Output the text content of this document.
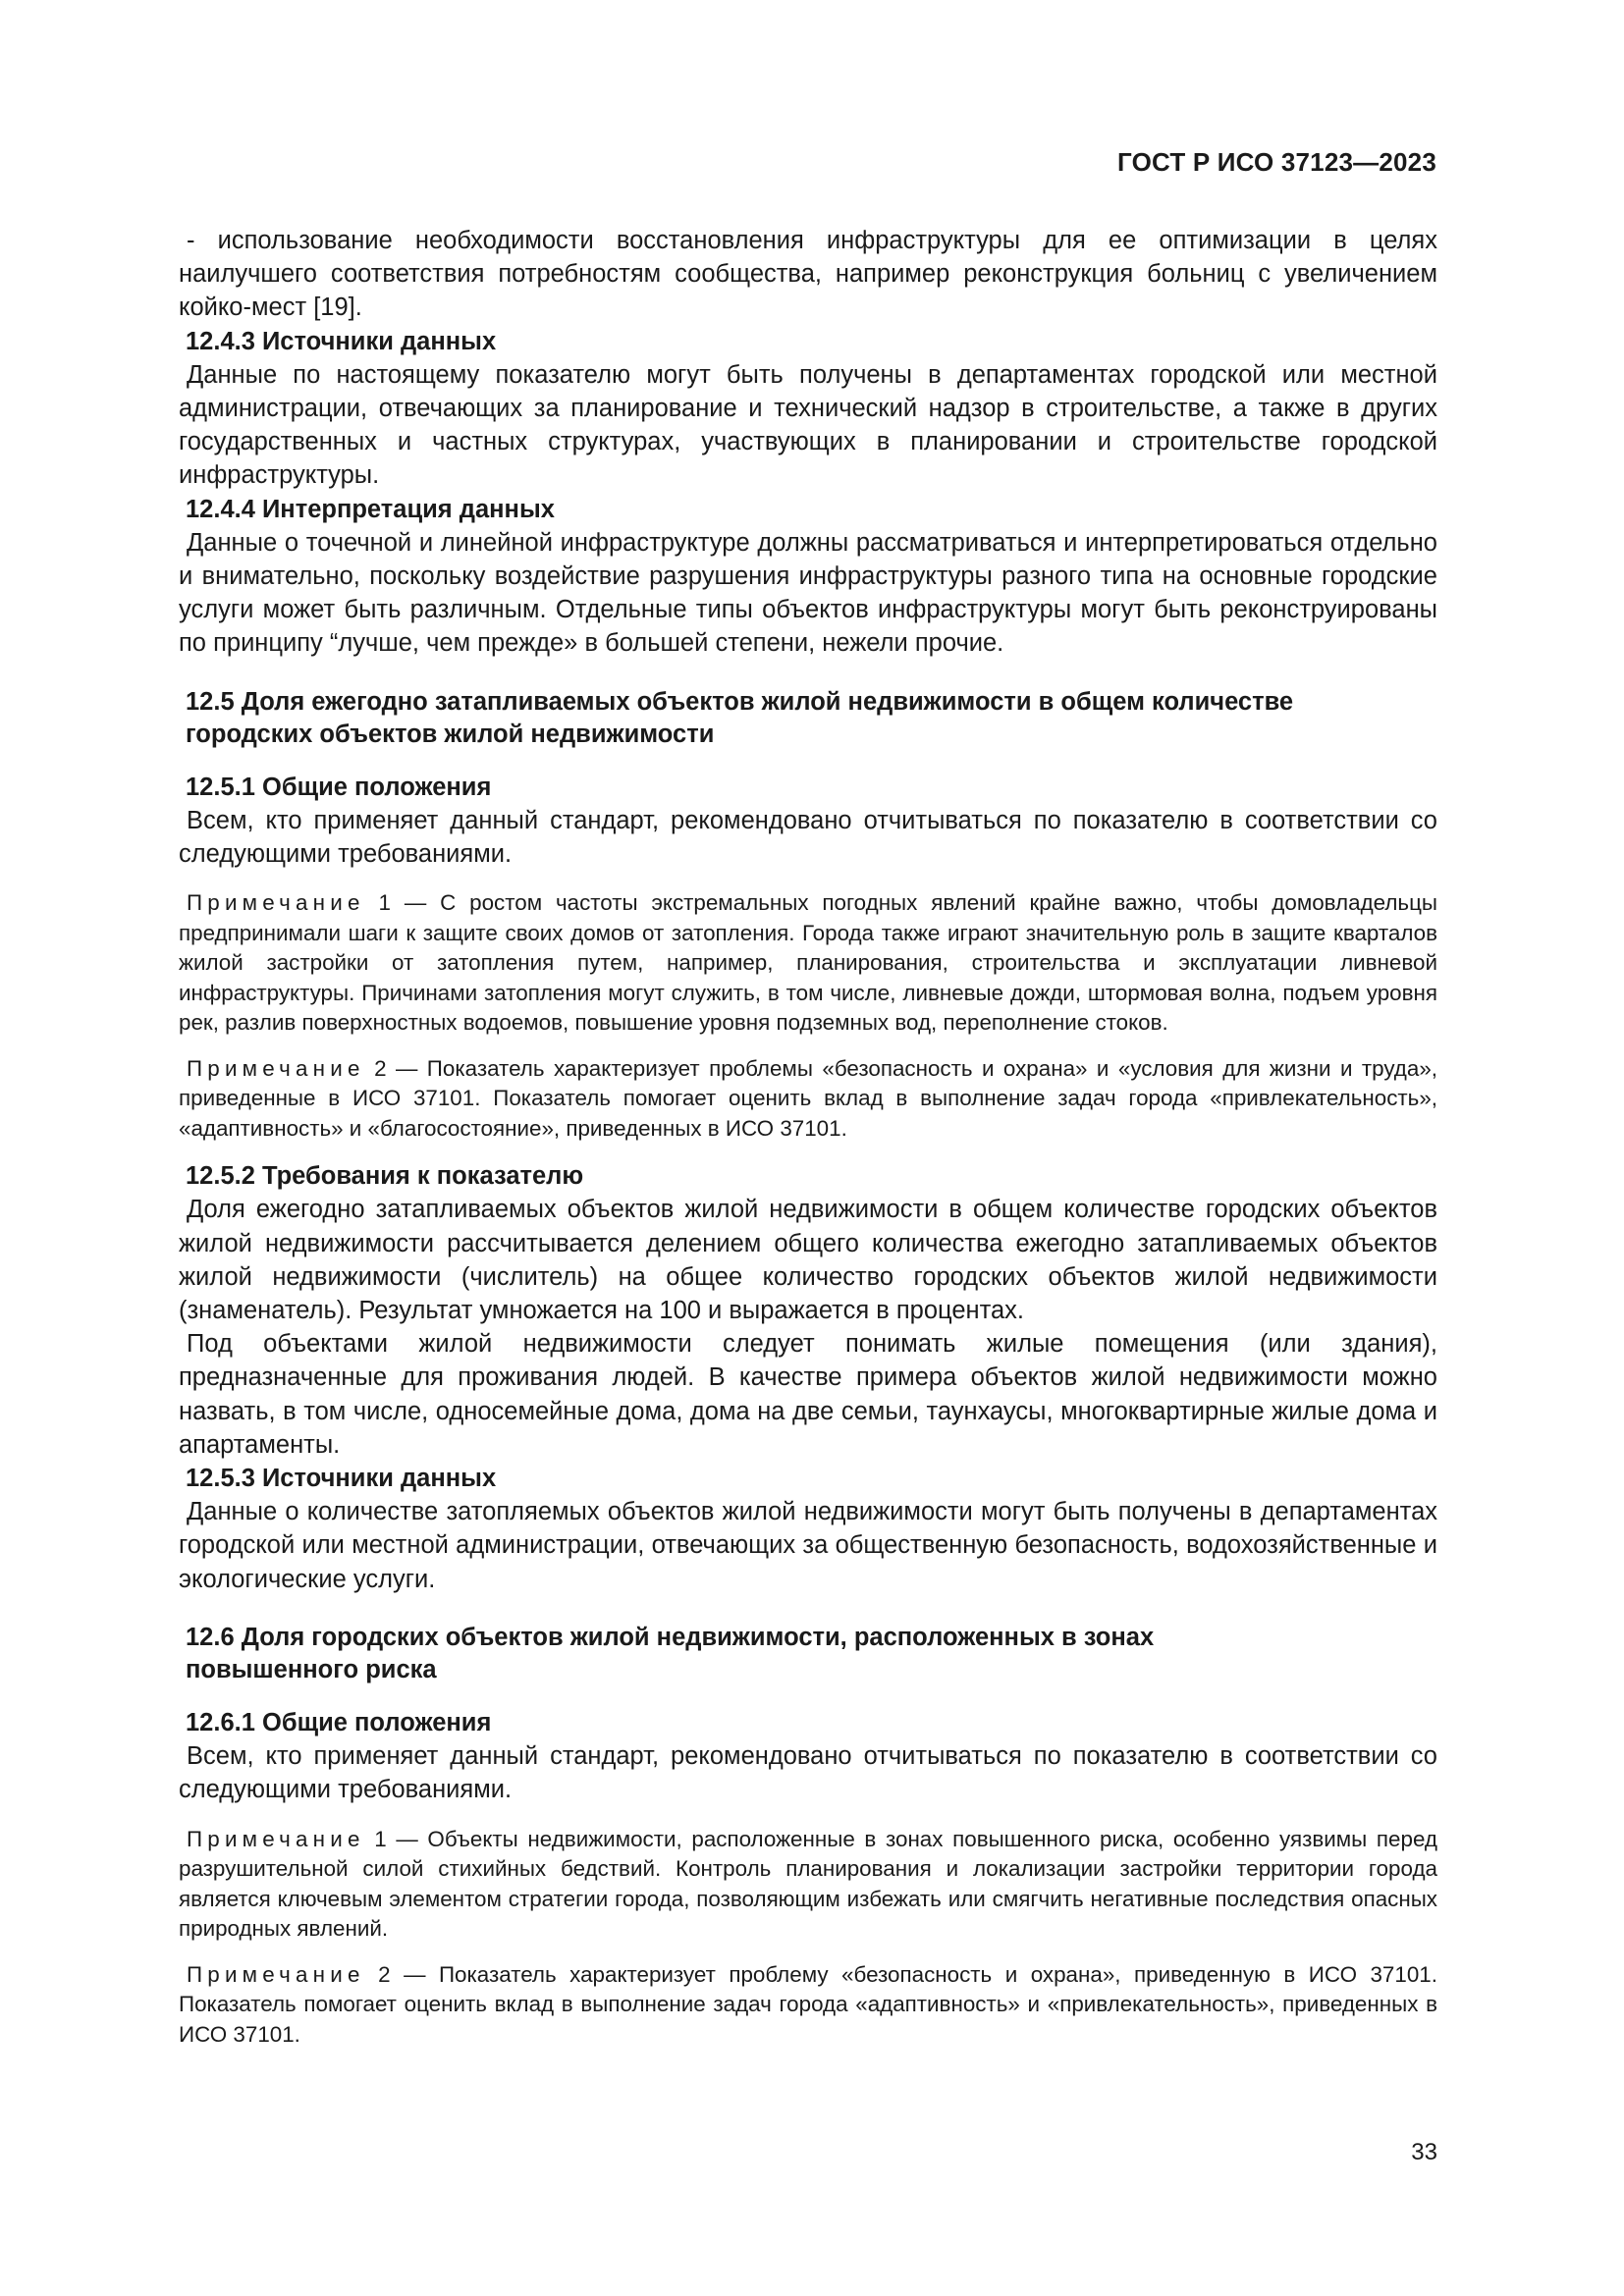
ГОСТ Р ИСО 37123—2023

- использование необходимости восстановления инфраструктуры для ее оптимизации в целях наилучшего соответствия потребностям сообщества, например реконструкция больниц с увеличением койко-мест [19].

12.4.3 Источники данных

Данные по настоящему показателю могут быть получены в департаментах городской или местной администрации, отвечающих за планирование и технический надзор в строительстве, а также в других государственных и частных структурах, участвующих в планировании и строительстве городской инфраструктуры.

12.4.4 Интерпретация данных

Данные о точечной и линейной инфраструктуре должны рассматриваться и интерпретироваться отдельно и внимательно, поскольку воздействие разрушения инфраструктуры разного типа на основные городские услуги может быть различным. Отдельные типы объектов инфраструктуры могут быть реконструированы по принципу “лучше, чем прежде» в большей степени, нежели прочие.

12.5 Доля ежегодно затапливаемых объектов жилой недвижимости в общем количестве

городских объектов жилой недвижимости

12.5.1 Общие положения

Всем, кто применяет данный стандарт, рекомендовано отчитываться по показателю в соответствии со следующими требованиями.

Примечание 1 — С ростом частоты экстремальных погодных явлений крайне важно, чтобы домовладельцы предпринимали шаги к защите своих домов от затопления. Города также играют значительную роль в защите кварталов жилой застройки от затопления путем, например, планирования, строительства и эксплуатации ливневой инфраструктуры. Причинами затопления могут служить, в том числе, ливневые дожди, штормовая волна, подъем уровня рек, разлив поверхностных водоемов, повышение уровня подземных вод, переполнение стоков.

Примечание 2 — Показатель характеризует проблемы «безопасность и охрана» и «условия для жизни и труда», приведенные в ИСО 37101. Показатель помогает оценить вклад в выполнение задач города «привлекательность», «адаптивность» и «благосостояние», приведенных в ИСО 37101.

12.5.2 Требования к показателю

Доля ежегодно затапливаемых объектов жилой недвижимости в общем количестве городских объектов жилой недвижимости рассчитывается делением общего количества ежегодно затапливаемых объектов жилой недвижимости (числитель) на общее количество городских объектов жилой недвижимости (знаменатель). Результат умножается на 100 и выражается в процентах.

Под объектами жилой недвижимости следует понимать жилые помещения (или здания), предназначенные для проживания людей. В качестве примера объектов жилой недвижимости можно назвать, в том числе, односемейные дома, дома на две семьи, таунхаусы, многоквартирные жилые дома и апартаменты.

12.5.3 Источники данных

Данные о количестве затопляемых объектов жилой недвижимости могут быть получены в департаментах городской или местной администрации, отвечающих за общественную безопасность, водохозяйственные и экологические услуги.

12.6 Доля городских объектов жилой недвижимости, расположенных в зонах

повышенного риска

12.6.1 Общие положения

Всем, кто применяет данный стандарт, рекомендовано отчитываться по показателю в соответствии со следующими требованиями.

Примечание 1 — Объекты недвижимости, расположенные в зонах повышенного риска, особенно уязвимы перед разрушительной силой стихийных бедствий. Контроль планирования и локализации застройки территории города является ключевым элементом стратегии города, позволяющим избежать или смягчить негативные последствия опасных природных явлений.

Примечание 2 — Показатель характеризует проблему «безопасность и охрана», приведенную в ИСО 37101. Показатель помогает оценить вклад в выполнение задач города «адаптивность» и «привлекательность», приведенных в ИСО 37101.

33
